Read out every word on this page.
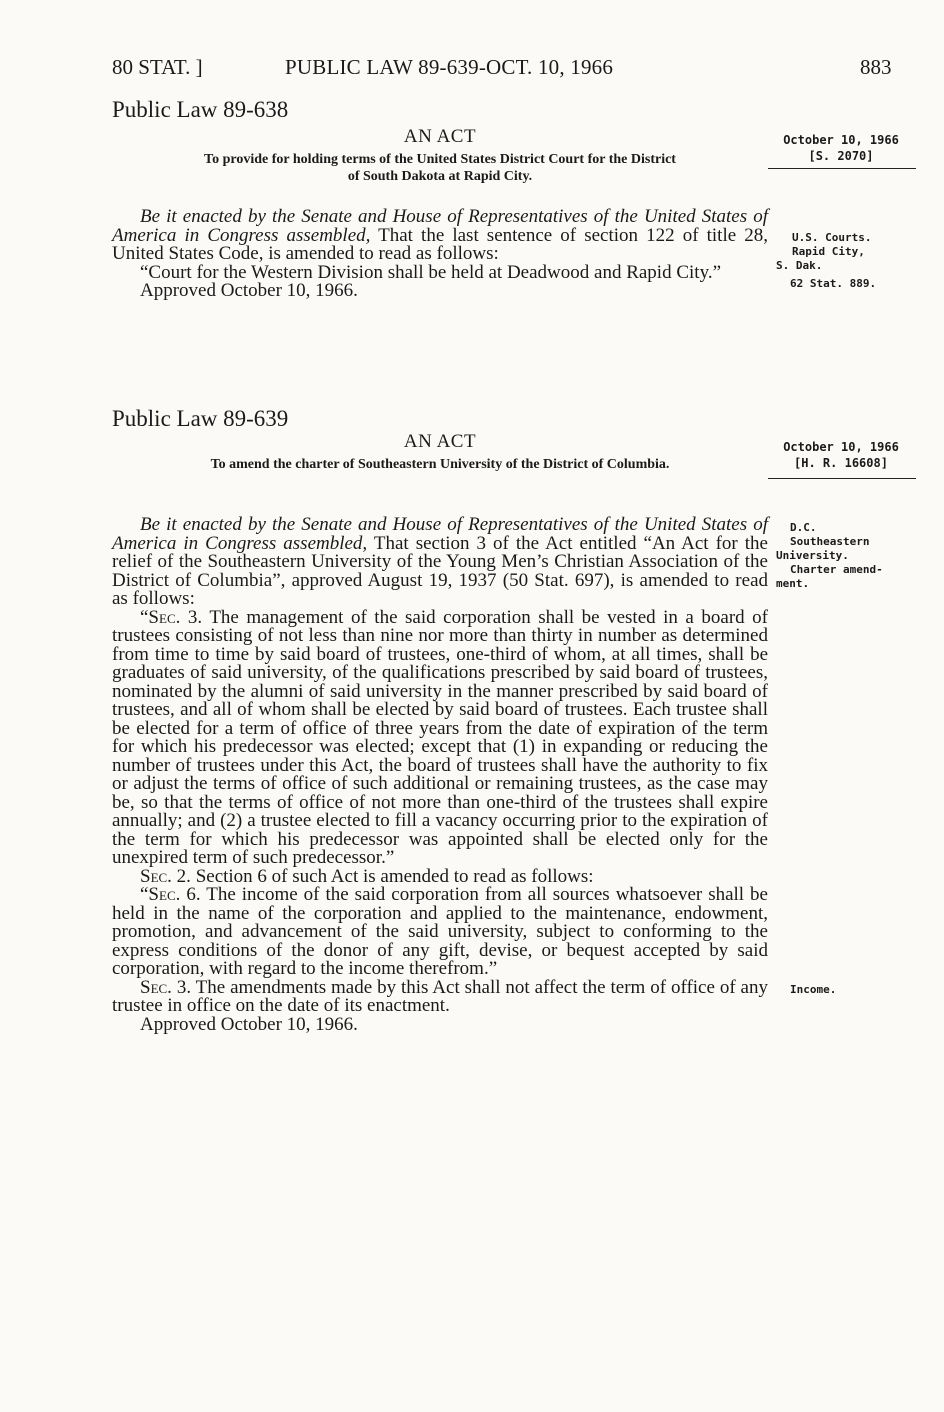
80 STAT. ]	PUBLIC LAW 89-639-OCT. 10, 1966	883
Public Law 89-638
AN ACT
To provide for holding terms of the United States District Court for the District
of South Dakota at Rapid City.
October 10, 1966
[S. 2070]
U.S. Courts.
Rapid City,
S. Dak.
62 Stat. 889.

Be it enacted by the Senate and House of Representatives of the United States of America in Congress assembled, That the last sentence of section 122 of title 28, United States Code, is amended to read as follows:

“Court for the Western Division shall be held at Deadwood and Rapid City.”

Approved October 10, 1966.

Public Law 89-639
AN ACT
To amend the charter of Southeastern University of the District of Columbia.
October 10, 1966
[H. R. 16608]
D.C.
Southeastern
University.
Charter amend-
ment.
Income.

Be it enacted by the Senate and House of Representatives of the United States of America in Congress assembled, That section 3 of the Act entitled “An Act for the relief of the Southeastern University of the Young Men’s Christian Association of the District of Columbia”, approved August 19, 1937 (50 Stat. 697), is amended to read as follows:

“Sec. 3. The management of the said corporation shall be vested in a board of trustees consisting of not less than nine nor more than thirty in number as determined from time to time by said board of trustees, one-third of whom, at all times, shall be graduates of said university, of the qualifications prescribed by said board of trustees, nominated by the alumni of said university in the manner prescribed by said board of trustees, and all of whom shall be elected by said board of trustees. Each trustee shall be elected for a term of office of three years from the date of expiration of the term for which his predecessor was elected; except that (1) in expanding or reducing the number of trustees under this Act, the board of trustees shall have the authority to fix or adjust the terms of office of such additional or remaining trustees, as the case may be, so that the terms of office of not more than one-third of the trustees shall expire annually; and (2) a trustee elected to fill a vacancy occurring prior to the expiration of the term for which his predecessor was appointed shall be elected only for the unexpired term of such predecessor.”

Sec. 2. Section 6 of such Act is amended to read as follows:

“Sec. 6. The income of the said corporation from all sources whatsoever shall be held in the name of the corporation and applied to the maintenance, endowment, promotion, and advancement of the said university, subject to conforming to the express conditions of the donor of any gift, devise, or bequest accepted by said corporation, with regard to the income therefrom.”

Sec. 3. The amendments made by this Act shall not affect the term of office of any trustee in office on the date of its enactment.

Approved October 10, 1966.
